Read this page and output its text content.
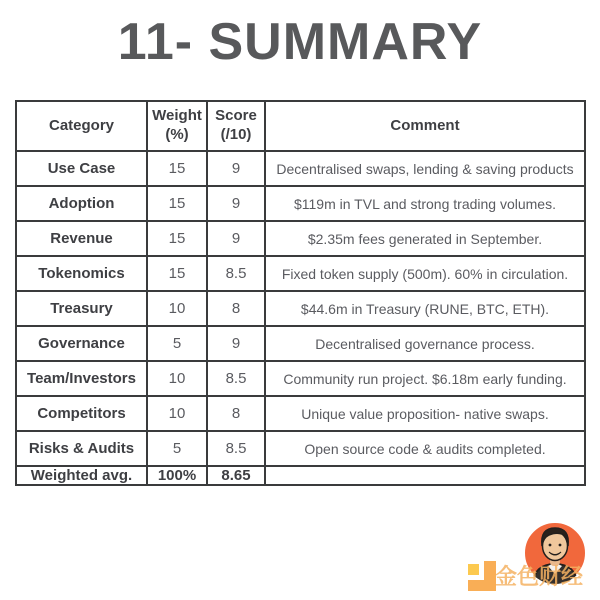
11- SUMMARY
Category	Weight (%)	Score (/10)	Comment
Use Case	15	9	Decentralised swaps, lending & saving products
Adoption	15	9	$119m in TVL and strong trading volumes.
Revenue	15	9	$2.35m fees generated in September.
Tokenomics	15	8.5	Fixed token supply (500m). 60% in circulation.
Treasury	10	8	$44.6m in Treasury (RUNE, BTC, ETH).
Governance	5	9	Decentralised governance process.
Team/Investors	10	8.5	Community run project. $6.18m early funding.
Competitors	10	8	Unique value proposition- native swaps.
Risks & Audits	5	8.5	Open source code & audits completed.
Weighted avg.	100%	8.65	
金色财经
